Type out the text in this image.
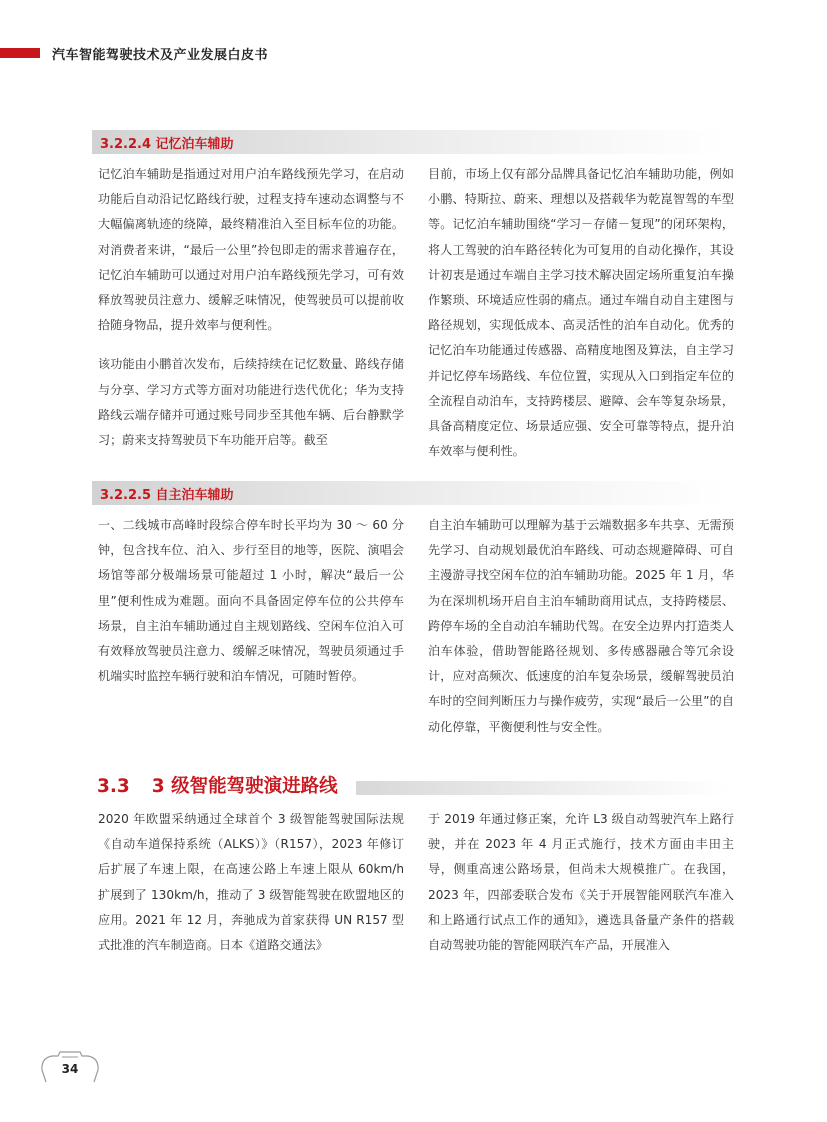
汽车智能驾驶技术及产业发展白皮书
3.2.2.4 记忆泊车辅助

记忆泊车辅助是指通过对用户泊车路线预先学习，在启动功能后自动沿记忆路线行驶，过程支持车速动态调整与不大幅偏离轨迹的绕障，最终精准泊入至目标车位的功能。对消费者来讲，“最后一公里”拎包即走的需求普遍存在，记忆泊车辅助可以通过对用户泊车路线预先学习，可有效释放驾驶员注意力、缓解乏味情况，使驾驶员可以提前收拾随身物品，提升效率与便利性。

该功能由小鹏首次发布，后续持续在记忆数量、路线存储与分享、学习方式等方面对功能进行迭代优化；华为支持路线云端存储并可通过账号同步至其他车辆、后台静默学习；蔚来支持驾驶员下车功能开启等。截至

目前，市场上仅有部分品牌具备记忆泊车辅助功能，例如小鹏、特斯拉、蔚来、理想以及搭载华为乾崑智驾的车型等。记忆泊车辅助围绕“学习－存储－复现”的闭环架构，将人工驾驶的泊车路径转化为可复用的自动化操作，其设计初衷是通过车端自主学习技术解决固定场所重复泊车操作繁琐、环境适应性弱的痛点。通过车端自动自主建图与路径规划，实现低成本、高灵活性的泊车自动化。优秀的记忆泊车功能通过传感器、高精度地图及算法，自主学习并记忆停车场路线、车位位置，实现从入口到指定车位的全流程自动泊车，支持跨楼层、避障、会车等复杂场景，具备高精度定位、场景适应强、安全可靠等特点，提升泊车效率与便利性。

3.2.2.5 自主泊车辅助

一、二线城市高峰时段综合停车时长平均为 30 ～ 60 分钟，包含找车位、泊入、步行至目的地等，医院、演唱会场馆等部分极端场景可能超过 1 小时，解决“最后一公里”便利性成为难题。面向不具备固定停车位的公共停车场景，自主泊车辅助通过自主规划路线、空闲车位泊入可有效释放驾驶员注意力、缓解乏味情况，驾驶员须通过手机端实时监控车辆行驶和泊车情况，可随时暂停。

自主泊车辅助可以理解为基于云端数据多车共享、无需预先学习、自动规划最优泊车路线、可动态规避障碍、可自主漫游寻找空闲车位的泊车辅助功能。2025 年 1 月，华为在深圳机场开启自主泊车辅助商用试点，支持跨楼层、跨停车场的全自动泊车辅助代驾。在安全边界内打造类人泊车体验，借助智能路径规划、多传感器融合等冗余设计，应对高频次、低速度的泊车复杂场景，缓解驾驶员泊车时的空间判断压力与操作疲劳，实现“最后一公里”的自动化停靠，平衡便利性与安全性。

3.3 3 级智能驾驶演进路线

2020 年欧盟采纳通过全球首个 3 级智能驾驶国际法规《自动车道保持系统（ALKS）》（R157），2023 年修订后扩展了车速上限，在高速公路上车速上限从 60km/h 扩展到了 130km/h，推动了 3 级智能驾驶在欧盟地区的应用。2021 年 12 月，奔驰成为首家获得 UN R157 型式批准的汽车制造商。日本《道路交通法》

于 2019 年通过修正案，允许 L3 级自动驾驶汽车上路行驶，并在 2023 年 4 月正式施行，技术方面由丰田主导，侧重高速公路场景，但尚未大规模推广。在我国，2023 年，四部委联合发布《关于开展智能网联汽车准入和上路通行试点工作的通知》，遴选具备量产条件的搭载自动驾驶功能的智能网联汽车产品，开展准入

34
